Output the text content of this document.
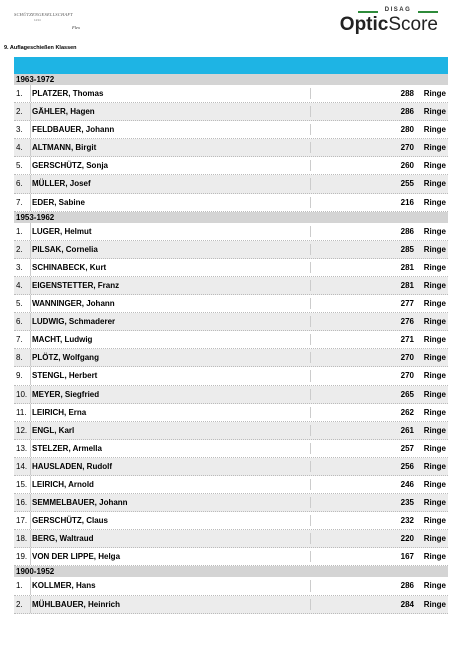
SCHÜTZENGESELLSCHAFT
1234
Flex
DISAG
OpticScore
9. Auflageschießen Klassen
1963-1972
1.	PLATZER, Thomas	288 Ringe
2.	GÄHLER, Hagen	286 Ringe
3.	FELDBAUER, Johann	280 Ringe
4.	ALTMANN, Birgit	270 Ringe
5.	GERSCHÜTZ, Sonja	260 Ringe
6.	MÜLLER, Josef	255 Ringe
7.	EDER, Sabine	216 Ringe
1953-1962
1.	LUGER, Helmut	286 Ringe
2.	PILSAK, Cornelia	285 Ringe
3.	SCHINABECK, Kurt	281 Ringe
4.	EIGENSTETTER, Franz	281 Ringe
5.	WANNINGER, Johann	277 Ringe
6.	LUDWIG, Schmaderer	276 Ringe
7.	MACHT, Ludwig	271 Ringe
8.	PLÖTZ, Wolfgang	270 Ringe
9.	STENGL, Herbert	270 Ringe
10. MEYER, Siegfried	265 Ringe
11. LEIRICH, Erna	262 Ringe
12. ENGL, Karl	261 Ringe
13. STELZER, Armella	257 Ringe
14. HAUSLADEN, Rudolf	256 Ringe
15. LEIRICH, Arnold	246 Ringe
16. SEMMELBAUER, Johann	235 Ringe
17. GERSCHÜTZ, Claus	232 Ringe
18. BERG, Waltraud	220 Ringe
19. VON DER LIPPE, Helga	167 Ringe
1900-1952
1.	KOLLMER, Hans	286 Ringe
2.	MÜHLBAUER, Heinrich	284 Ringe
